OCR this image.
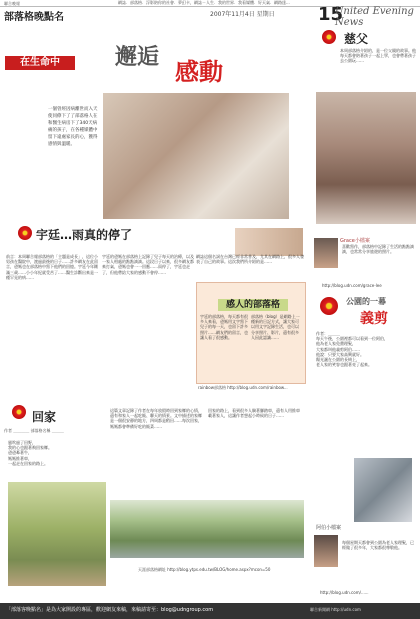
聯合晚報
部落格晚點名
網誌．部落格．浮影陪你的社會．夢幻卡，網誌－人生．我的世界．我看媒體．好天氣．網路達...
2007年11月4日 星期日 15
United Evening News
在生命中	邂逅 感動
一個曾經因病離世而入天使同僚下了了部落格人在和醫生病房下了340天病痛的孩子，在各種媒體中留下遠處家長的心，獲得感情與溫暖。
宇廷…雨真的停了
前言：本周聯合報部落格的「主題是成長」，這位小男孩在醫院中，渡過最後的日子……許多網友在此留言，爸媽也在部落格中寫下他們的回憶。宇廷今年剛滿三歲……小小年紀就受苦了……醫生診斷出來是一種罕見的病……
宇廷的爸媽在部落格上記錄了兒子每天的治療，以及一家人相處的點點滴滴。這段日子以來，很多網友都來打氣，爸媽也會一一回應……雨停了，宇廷也走了，但他帶給大家的感動不會停……
網誌這個名詞在台灣已經非常普及，尤其在網路上，很多人發表了自己的故事。這次我們所介紹的是……
感人的部落格
宇廷的部落格，每天都有很多人來看，爸媽用文字寫下兒子的每一天，也留下許多照片……網友們的留言，也讓人看了很感動。
部落格（blog）是網路上一種新的日記方式，讓大家可以用文字記錄生活，也可以分享照片、影片，還有很多人因此認識……
rainbow部落格 http://blog.udn.com/rainbow...
回家
作者 ＿＿＿＿ 部落格名稱 ＿＿＿
風吹過了田野，
我的心也跟著飛回家鄉。
爸爸牽著牛，
媽媽推著車，
一起走在回家的路上。
這篇文章記錄了作者在每年放假時回到家鄉的心情，還有和家人一起吃飯、聊天的情景。文中描述的家鄉是一個很安靜的地方，四周都是稻田……每次回家，媽媽都會準備好吃的飯菜……
回家的路上，看到很多人騎著腳踏車，還有人用推車載著家人，這讓作者想起小時候的日子……
天涯部落格網址 http://blog.ytps.edu.tw/BLOG/home.aspx?mcon=50
慈父
本周部落格介紹的，是一位父親的故事。他每天都會陪著孩子一起上學，也會帶著孩子去公園玩……
Grace小檔案
喜歡寫作，部落格中記錄了生活的點點滴滴，也常常分享旅遊的照片。
http://blog.udn.com/grace-lee
公園的一幕
義剪
作者：＿＿＿
每天午後，公園裡都可以看到一位阿伯，
他為老人家免費理髮，
大家都叫他義剪阿伯……
他說：只要大家高興就好。
陽光灑在公園的長椅上，
老人家的笑容也跟著亮了起來。
阿伯小檔案
每個星期天都會到公園為老人家理髮，已經做了很多年，大家都很尊敬他。
http://blog.udn.com/......
「部落客晚點名」是為大家開設的專區，歡迎網友來稿，來稿請寄至：blog@udngroup.com	聯合新聞網 http://udn.com
